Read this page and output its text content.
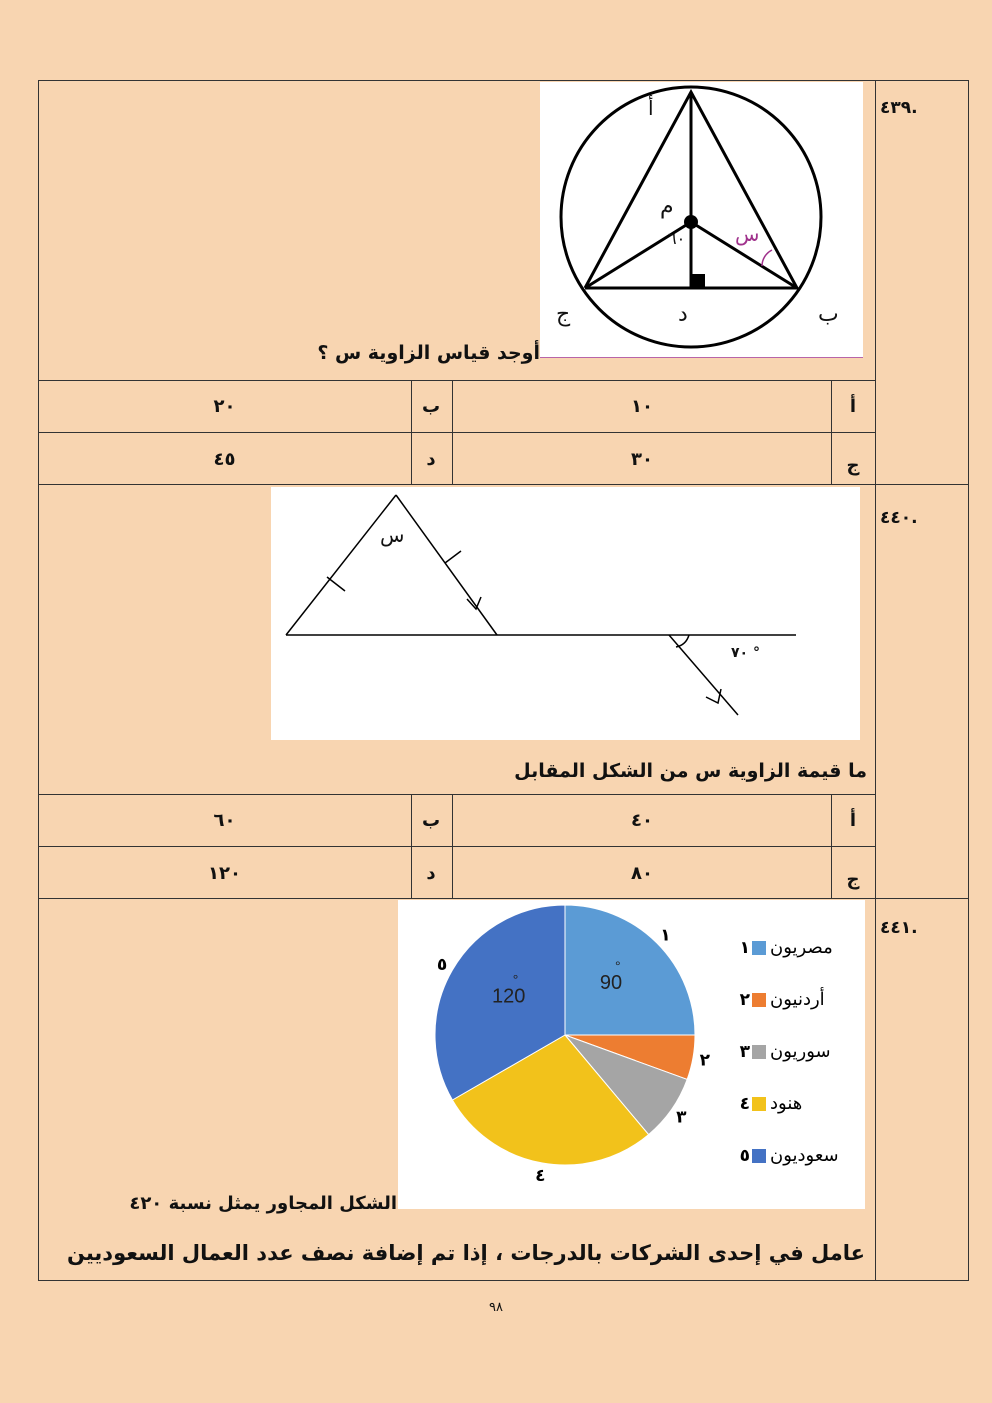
.٤٣٩
أ
م
٦٠ س
ج	د	ب
أوجد قياس الزاوية س ؟
أ
١٠
ب
٢٠
ج
٣٠
د
٤٥
.٤٤٠
س
° ٧٠
ما قيمة الزاوية س من الشكل المقابل
أ
٤٠
ب
٦٠
ج
٨٠
د
١٢٠
.٤٤١
١
90
°
٢
٣
٤
٥
120
°
١ مصريون
٢ أردنيون
٣ سوريون
٤ هنود
٥ سعوديون
الشكل المجاور يمثل نسبة ٤٢٠
عامل في إحدى الشركات بالدرجات ، إذا تم إضافة نصف عدد العمال السعوديين
٩٨
